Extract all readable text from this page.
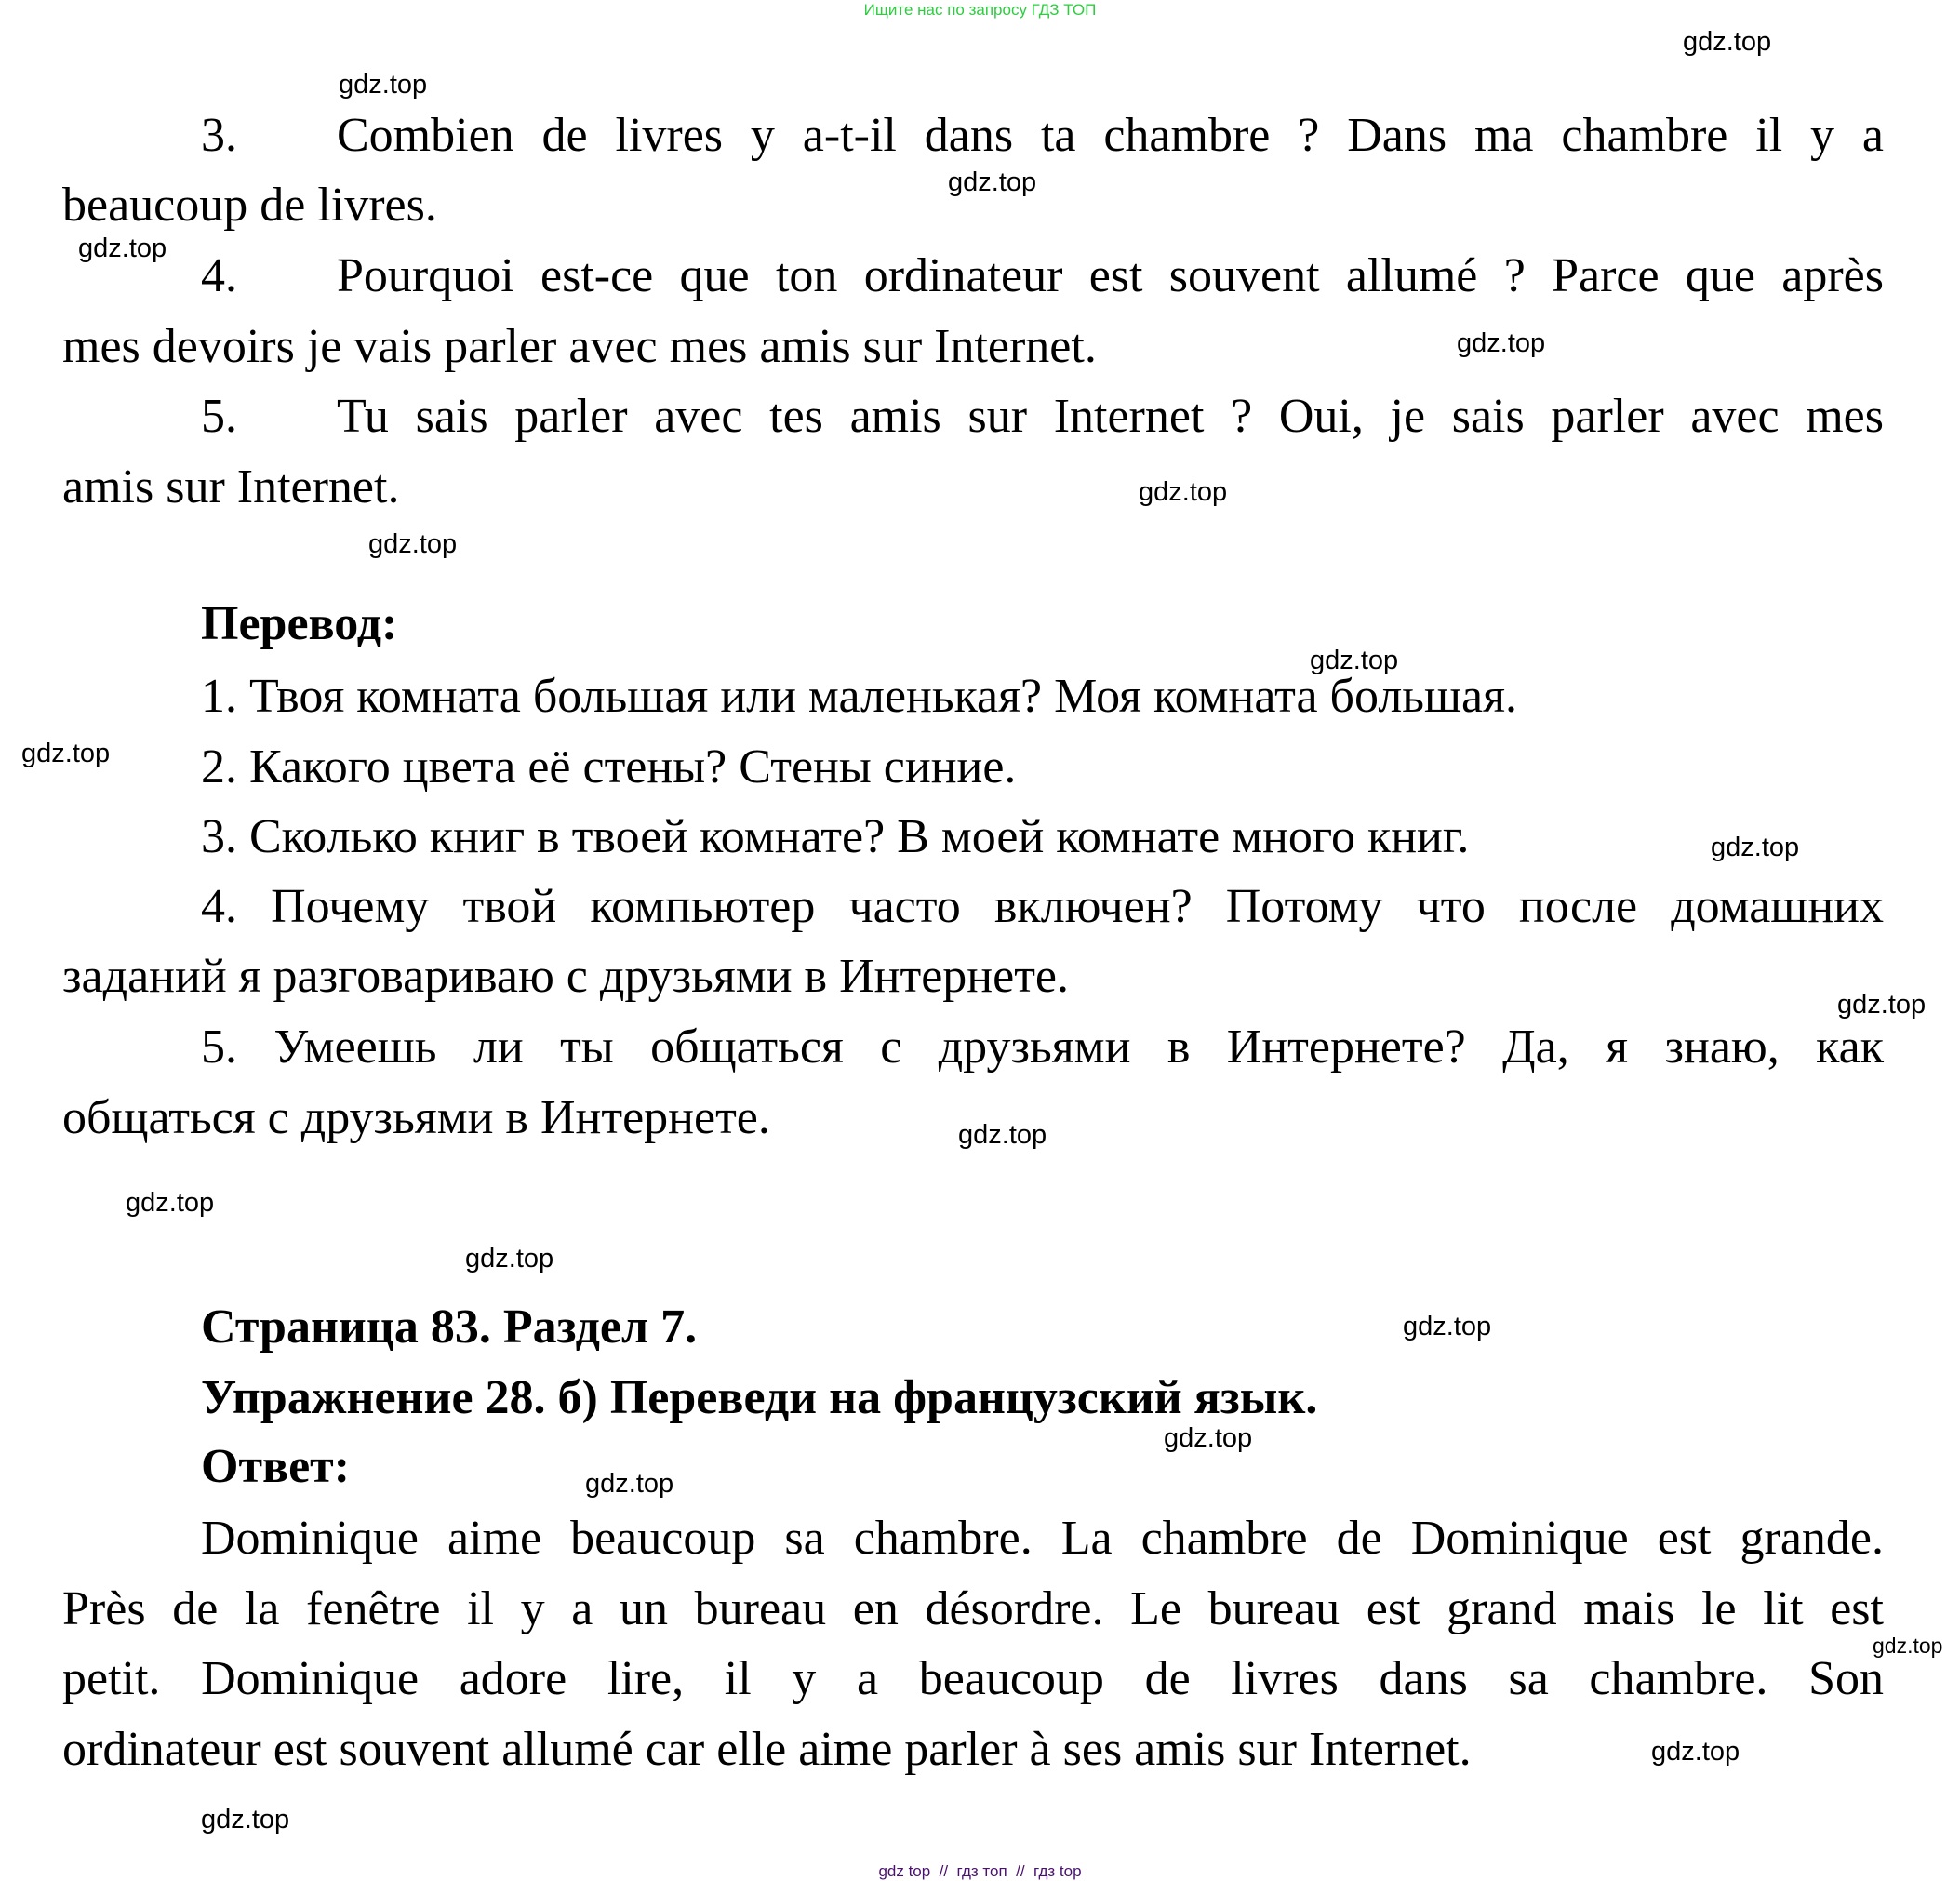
Ищите нас по запросу ГДЗ ТОП
3. Combien de livres y a-t-il dans ta chambre ? Dans ma chambre il y a
beaucoup de livres.
4. Pourquoi est-ce que ton ordinateur est souvent allumé ? Parce que après
mes devoirs je vais parler avec mes amis sur Internet.
5. Tu sais parler avec tes amis sur Internet ? Oui, je sais parler avec mes
amis sur Internet.
Перевод:
1. Твоя комната большая или маленькая? Моя комната большая.
2. Какого цвета её стены? Стены синие.
3. Сколько книг в твоей комнате? В моей комнате много книг.
4. Почему твой компьютер часто включен? Потому что после домашних
заданий я разговариваю с друзьями в Интернете.
5. Умеешь ли ты общаться с друзьями в Интернете? Да, я знаю, как
общаться с друзьями в Интернете.
Страница 83. Раздел 7.
Упражнение 28. б) Переведи на французский язык.
Ответ:
Dominique aime beaucoup sa chambre. La chambre de Dominique est grande.
Près de la fenêtre il y a un bureau en désordre. Le bureau est grand mais le lit est
petit. Dominique adore lire, il y a beaucoup de livres dans sa chambre. Son
ordinateur est souvent allumé car elle aime parler à ses amis sur Internet.
gdz.top
gdz.top
gdz.top
gdz.top
gdz.top
gdz.top
gdz.top
gdz.top
gdz.top
gdz.top
gdz.top
gdz.top
gdz.top
gdz.top
gdz.top
gdz.top
gdz.top
gdz.top
gdz.top
gdz.top
gdz top  //  гдз топ  //  гдз top
